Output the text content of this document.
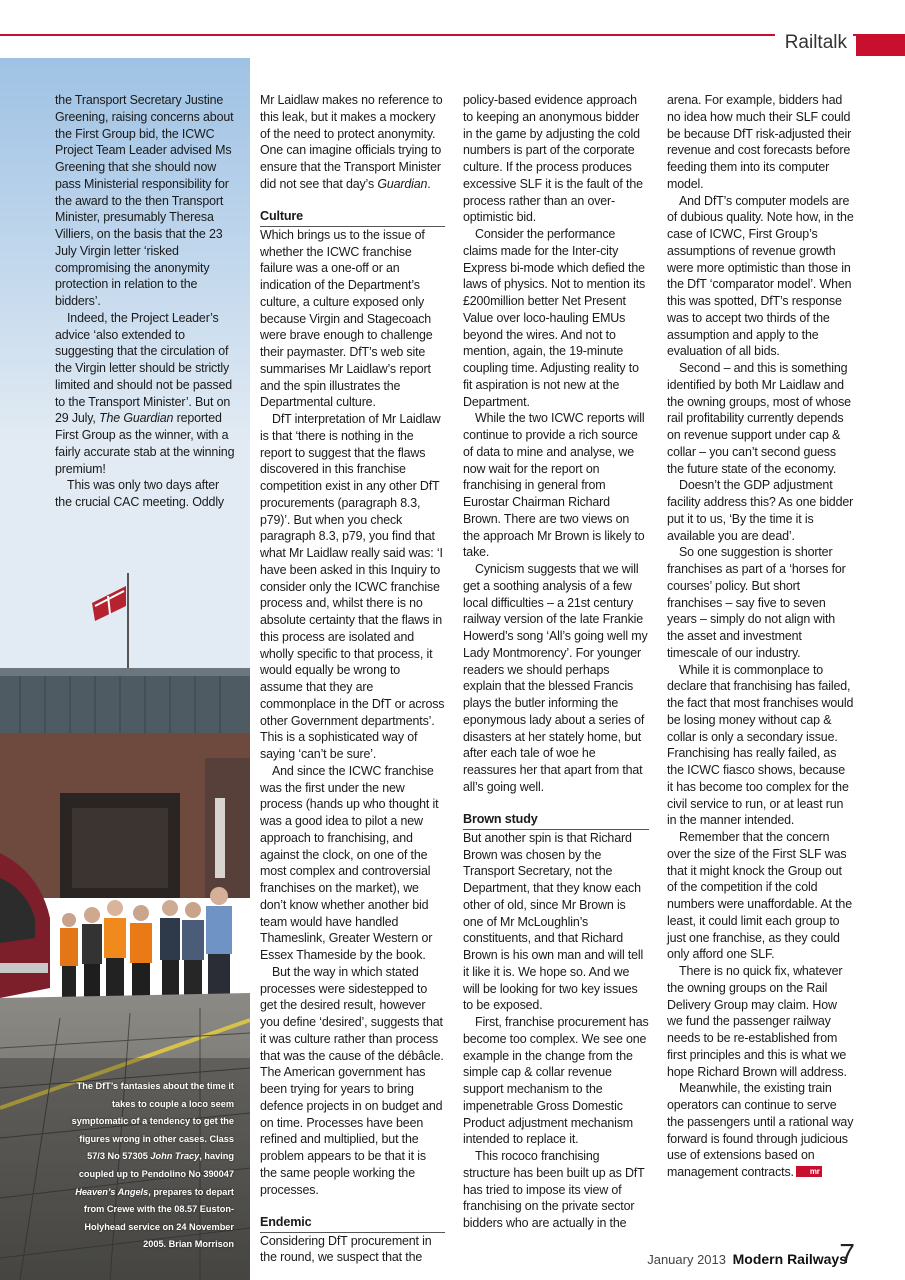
Railtalk
The DfT’s fantasies about the time it takes to couple a loco seem symptomatic of a tendency to get the figures wrong in other cases. Class 57/3 No 57305 John Tracy, having coupled up to Pendolino No 390047 Heaven’s Angels, prepares to depart from Crewe with the 08.57 Euston-Holyhead service on 24 November 2005. Brian Morrison

the Transport Secretary Justine Greening, raising concerns about the First Group bid, the ICWC Project Team Leader advised Ms Greening that she should now pass Ministerial responsibility for the award to the then Transport Minister, presumably Theresa Villiers, on the basis that the 23 July Virgin letter ‘risked compromising the anonymity protection in relation to the bidders’.

Indeed, the Project Leader’s advice ‘also extended to suggesting that the circulation of the Virgin letter should be strictly limited and should not be passed to the Transport Minister’. But on 29 July, The Guardian reported First Group as the winner, with a fairly accurate stab at the winning premium!

This was only two days after the crucial CAC meeting. Oddly

Mr Laidlaw makes no reference to this leak, but it makes a mockery of the need to protect anonymity. One can imagine officials trying to ensure that the Transport Minister did not see that day’s Guardian.

Culture

Which brings us to the issue of whether the ICWC franchise failure was a one-off or an indication of the Department’s culture, a culture exposed only because Virgin and Stagecoach were brave enough to challenge their paymaster. DfT’s web site summarises Mr Laidlaw’s report and the spin illustrates the Departmental culture.

DfT interpretation of Mr Laidlaw is that ‘there is nothing in the report to suggest that the flaws discovered in this franchise competition exist in any other DfT procurements (paragraph 8.3, p79)’. But when you check paragraph 8.3, p79, you find that what Mr Laidlaw really said was: ‘I have been asked in this Inquiry to consider only the ICWC franchise process and, whilst there is no absolute certainty that the flaws in this process are isolated and wholly specific to that process, it would equally be wrong to assume that they are commonplace in the DfT or across other Government departments’. This is a sophisticated way of saying ‘can’t be sure’.

And since the ICWC franchise was the first under the new process (hands up who thought it was a good idea to pilot a new approach to franchising, and against the clock, on one of the most complex and controversial franchises on the market), we don’t know whether another bid team would have handled Thameslink, Greater Western or Essex Thameside by the book.

But the way in which stated processes were sidestepped to get the desired result, however you define ‘desired’, suggests that it was culture rather than process that was the cause of the débâcle. The American government has been trying for years to bring defence projects in on budget and on time. Processes have been refined and multiplied, but the problem appears to be that it is the same people working the processes.

Endemic

Considering DfT procurement in the round, we suspect that the

policy-based evidence approach to keeping an anonymous bidder in the game by adjusting the cold numbers is part of the corporate culture. If the process produces excessive SLF it is the fault of the process rather than an over-optimistic bid.

Consider the performance claims made for the Inter-city Express bi-mode which defied the laws of physics. Not to mention its £200million better Net Present Value over loco-hauling EMUs beyond the wires. And not to mention, again, the 19-minute coupling time. Adjusting reality to fit aspiration is not new at the Department.

While the two ICWC reports will continue to provide a rich source of data to mine and analyse, we now wait for the report on franchising in general from Eurostar Chairman Richard Brown. There are two views on the approach Mr Brown is likely to take.

Cynicism suggests that we will get a soothing analysis of a few local difficulties – a 21st century railway version of the late Frankie Howerd’s song ‘All’s going well my Lady Montmorency’. For younger readers we should perhaps explain that the blessed Francis plays the butler informing the eponymous lady about a series of disasters at her stately home, but after each tale of woe he reassures her that apart from that all’s going well.

Brown study

But another spin is that Richard Brown was chosen by the Transport Secretary, not the Department, that they know each other of old, since Mr Brown is one of Mr McLoughlin’s constituents, and that Richard Brown is his own man and will tell it like it is. We hope so. And we will be looking for two key issues to be exposed.

First, franchise procurement has become too complex. We see one example in the change from the simple cap & collar revenue support mechanism to the impenetrable Gross Domestic Product adjustment mechanism intended to replace it.

This rococo franchising structure has been built up as DfT has tried to impose its view of franchising on the private sector bidders who are actually in the

arena. For example, bidders had no idea how much their SLF could be because DfT risk-adjusted their revenue and cost forecasts before feeding them into its computer model.

And DfT’s computer models are of dubious quality. Note how, in the case of ICWC, First Group’s assumptions of revenue growth were more optimistic than those in the DfT ‘comparator model’. When this was spotted, DfT’s response was to accept two thirds of the assumption and apply to the evaluation of all bids.

Second – and this is something identified by both Mr Laidlaw and the owning groups, most of whose rail profitability currently depends on revenue support under cap & collar – you can’t second guess the future state of the economy.

Doesn’t the GDP adjustment facility address this? As one bidder put it to us, ‘By the time it is available you are dead’.

So one suggestion is shorter franchises as part of a ‘horses for courses’ policy. But short franchises – say five to seven years – simply do not align with the asset and investment timescale of our industry.

While it is commonplace to declare that franchising has failed, the fact that most franchises would be losing money without cap & collar is only a secondary issue. Franchising has really failed, as the ICWC fiasco shows, because it has become too complex for the civil service to run, or at least run in the manner intended.

Remember that the concern over the size of the First SLF was that it might knock the Group out of the competition if the cold numbers were unaffordable. At the least, it could limit each group to just one franchise, as they could only afford one SLF.

There is no quick fix, whatever the owning groups on the Rail Delivery Group may claim. How we fund the passenger railway needs to be re-established from first principles and this is what we hope Richard Brown will address.

Meanwhile, the existing train operators can continue to serve the passengers until a rational way forward is found through judicious use of extensions based on management contracts. mr

January 2013 Modern Railways
7
